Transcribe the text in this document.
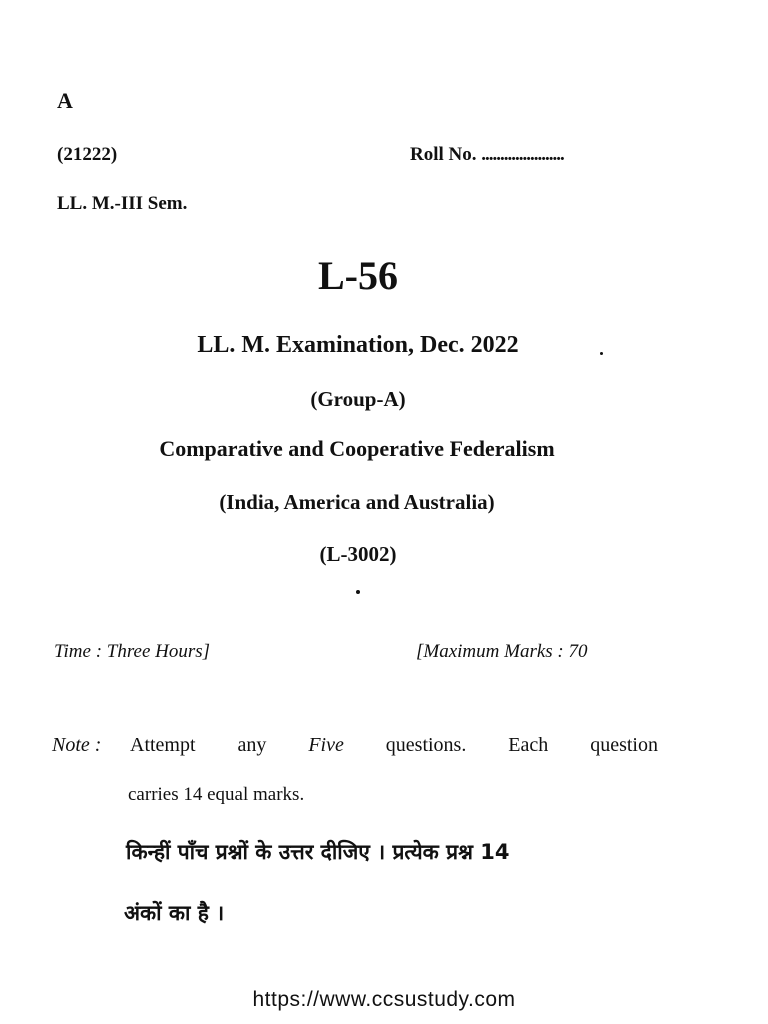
A
(21222)	Roll No. ......................
LL. M.-III Sem.
L-56
LL. M. Examination, Dec. 2022
(Group-A)
Comparative and Cooperative Federalism
(India, America and Australia)
(L-3002)
Time : Three Hours]	[Maximum Marks : 70
Note : Attempt any Five questions. Each question
carries 14 equal marks.
किन्हीं पाँच प्रश्नों के उत्तर दीजिए । प्रत्येक प्रश्न 14
अंकों का है ।
https://www.ccsustudy.com
